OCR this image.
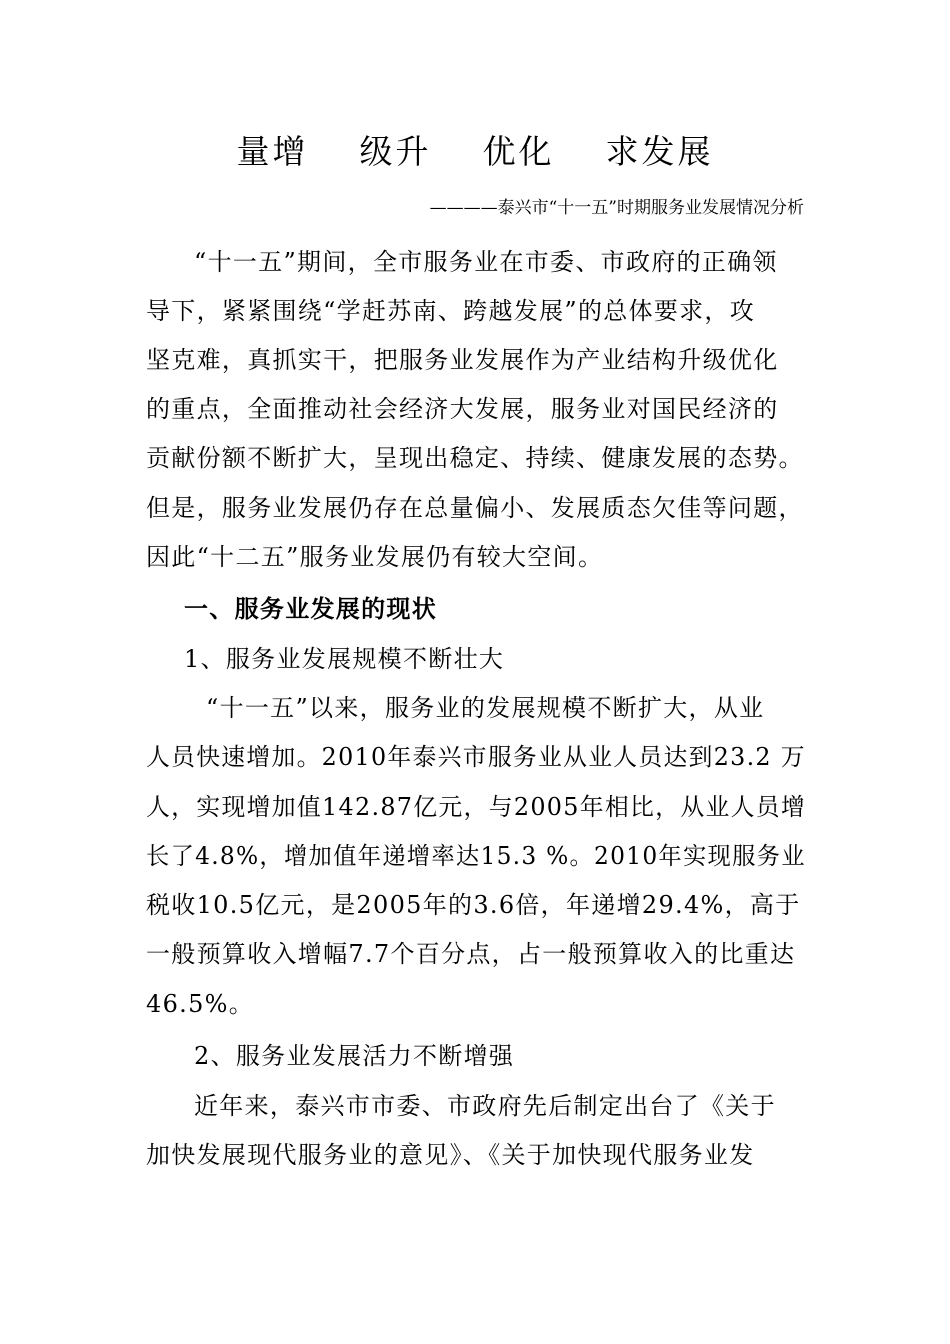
量增  级升  优化  求发展
————泰兴市“十一五”时期服务业发展情况分析
“十一五”期间，全市服务业在市委、市政府的正确领
导下，紧紧围绕“学赶苏南、跨越发展”的总体要求，攻
坚克难，真抓实干，把服务业发展作为产业结构升级优化
的重点，全面推动社会经济大发展，服务业对国民经济的
贡献份额不断扩大，呈现出稳定、持续、健康发展的态势。
但是，服务业发展仍存在总量偏小、发展质态欠佳等问题，
因此“十二五”服务业发展仍有较大空间。
一、服务业发展的现状
1、服务业发展规模不断壮大
“十一五”以来，服务业的发展规模不断扩大，从业
人员快速增加。2010年泰兴市服务业从业人员达到23.2 万
人，实现增加值142.87亿元，与2005年相比，从业人员增
长了4.8%，增加值年递增率达15.3 %。2010年实现服务业
税收10.5亿元，是2005年的3.6倍，年递增29.4%，高于
一般预算收入增幅7.7个百分点，占一般预算收入的比重达
46.5%。
2、服务业发展活力不断增强
近年来，泰兴市市委、市政府先后制定出台了《关于
加快发展现代服务业的意见》、《关于加快现代服务业发
